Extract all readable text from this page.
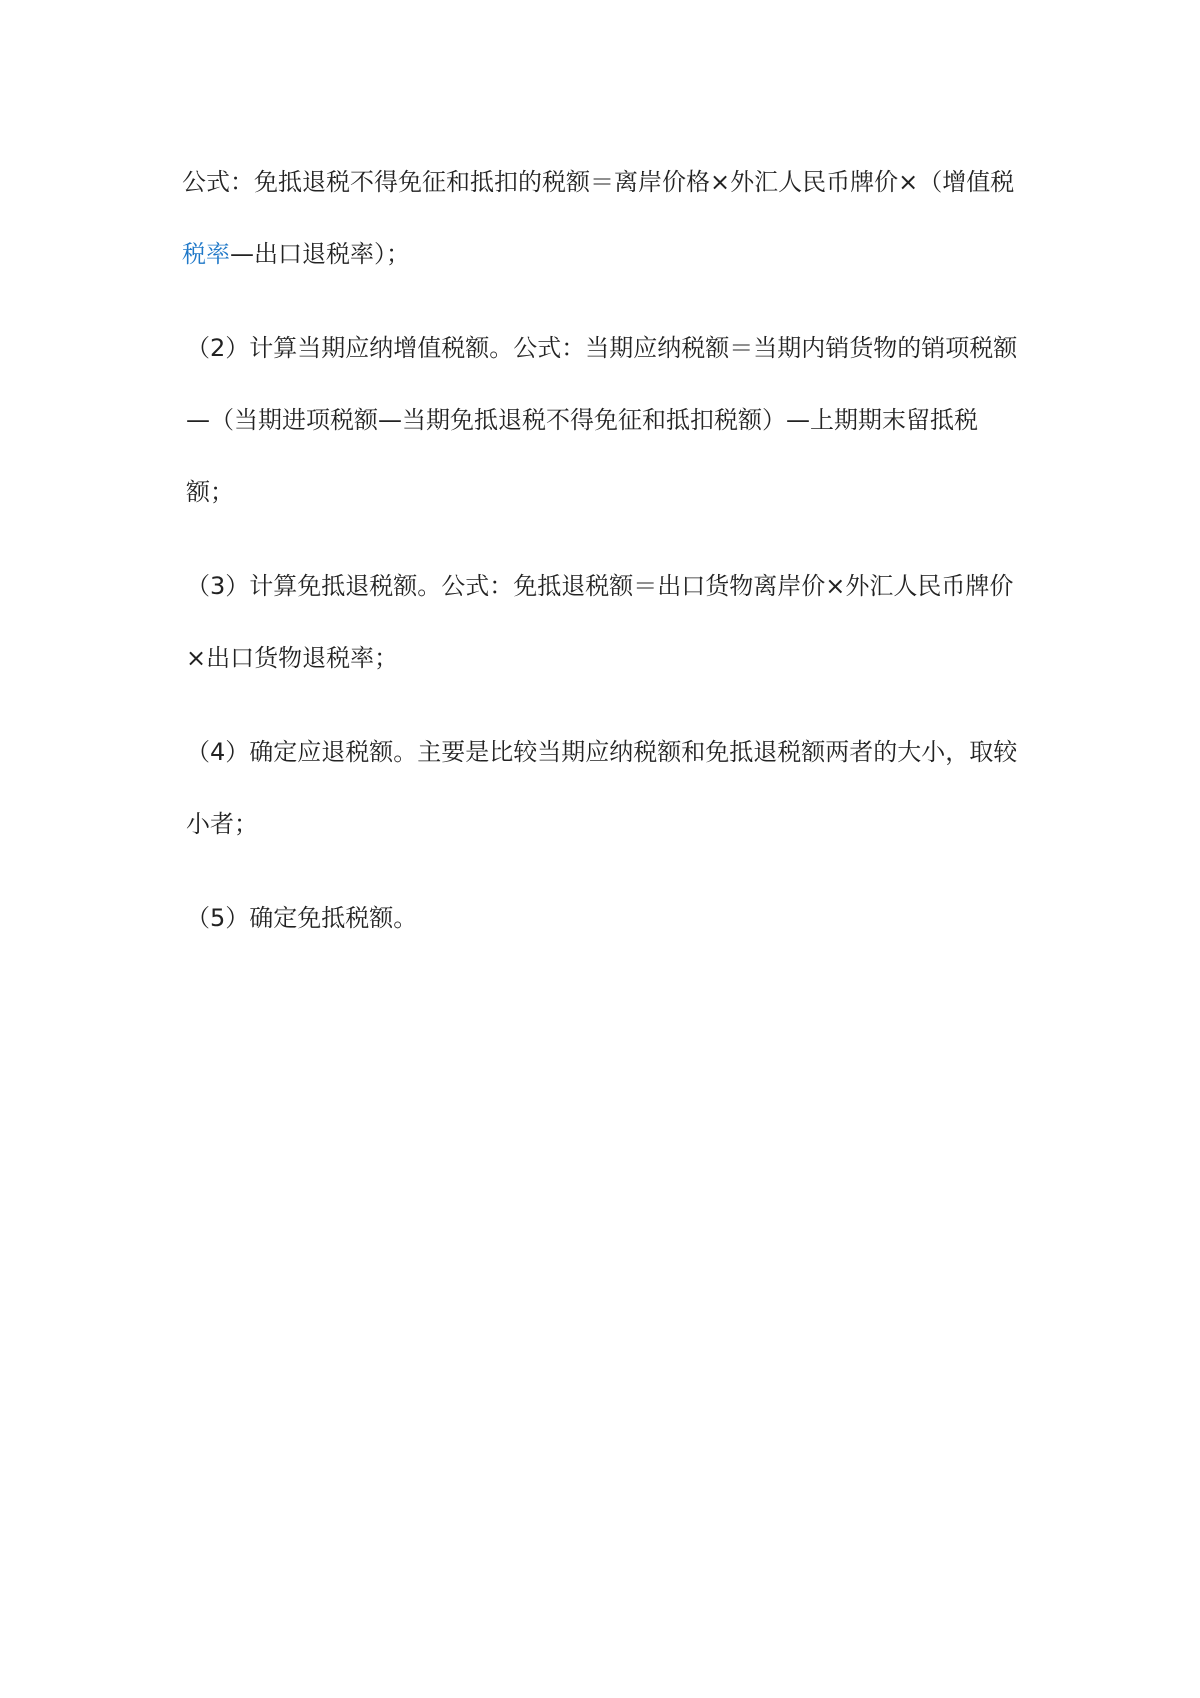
公式：免抵退税不得免征和抵扣的税额＝离岸价格×外汇人民币牌价×（增值税税率—出口退税率）；

（2）计算当期应纳增值税额。公式：当期应纳税额＝当期内销货物的销项税额—（当期进项税额—当期免抵退税不得免征和抵扣税额）—上期期末留抵税额；

（3）计算免抵退税额。公式：免抵退税额＝出口货物离岸价×外汇人民币牌价×出口货物退税率；

（4）确定应退税额。主要是比较当期应纳税额和免抵退税额两者的大小，取较小者；

（5）确定免抵税额。
